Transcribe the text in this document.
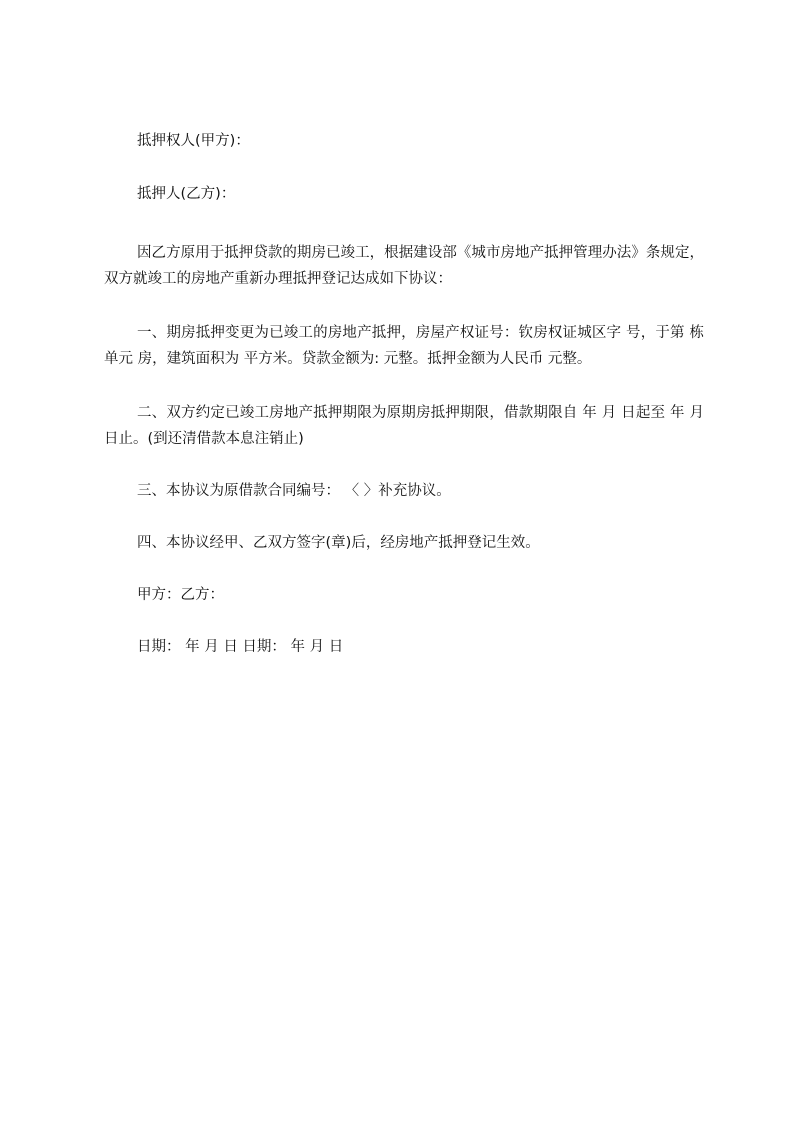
抵押权人(甲方)：

抵押人(乙方)：

因乙方原用于抵押贷款的期房已竣工，根据建设部《城市房地产抵押管理办法》条规定，双方就竣工的房地产重新办理抵押登记达成如下协议：

一、期房抵押变更为已竣工的房地产抵押，房屋产权证号：钦房权证城区字 号，于第 栋 单元 房，建筑面积为 平方米。贷款金额为: 元整。抵押金额为人民币 元整。

二、双方约定已竣工房地产抵押期限为原期房抵押期限，借款期限自 年 月 日起至 年 月 日止。(到还清借款本息注销止)

三、本协议为原借款合同编号： 〈 〉补充协议。

四、本协议经甲、乙双方签字(章)后，经房地产抵押登记生效。

甲方：乙方：

日期： 年 月 日 日期： 年 月 日
